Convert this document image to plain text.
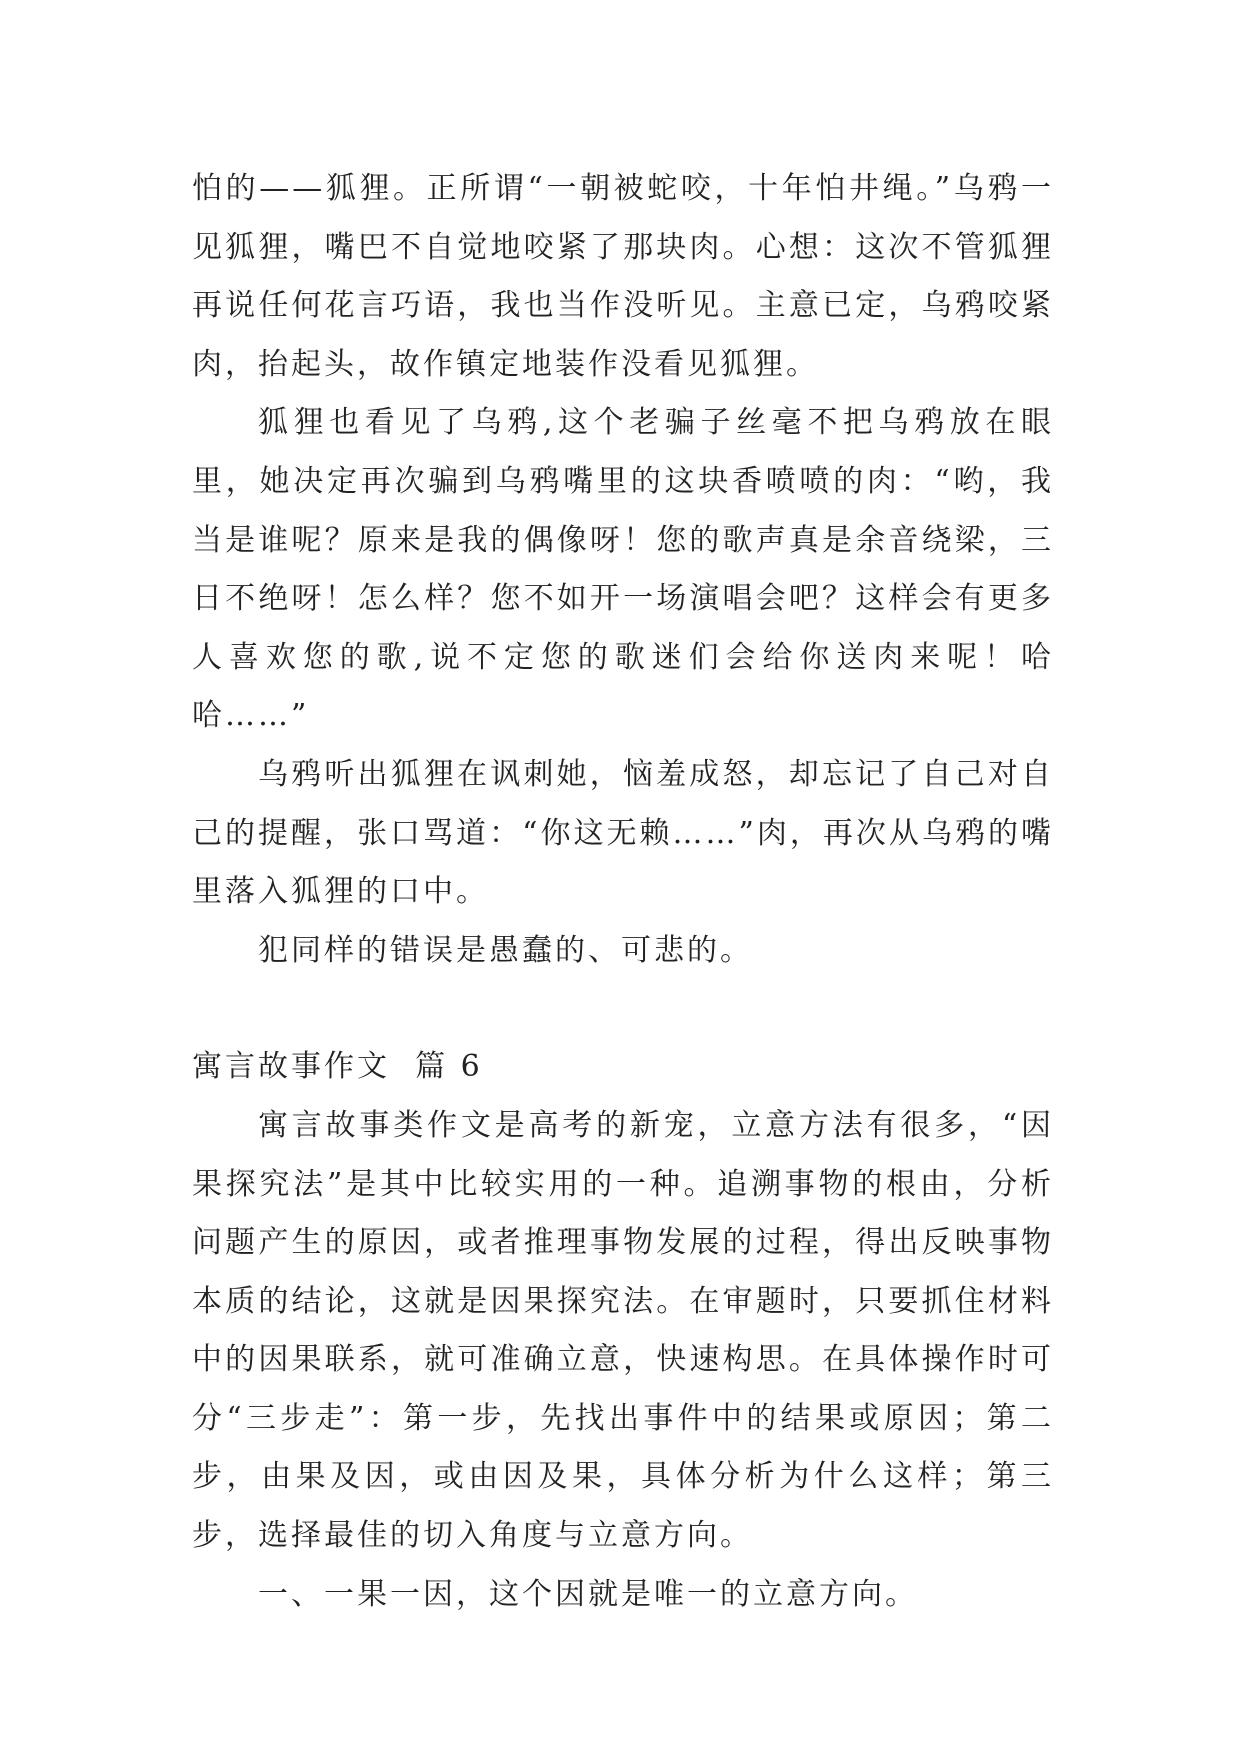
怕的——狐狸。正所谓“一朝被蛇咬，十年怕井绳。”乌鸦一见狐狸，嘴巴不自觉地咬紧了那块肉。心想：这次不管狐狸再说任何花言巧语，我也当作没听见。主意已定，乌鸦咬紧肉，抬起头，故作镇定地装作没看见狐狸。

狐狸也看见了乌鸦,这个老骗子丝毫不把乌鸦放在眼里，她决定再次骗到乌鸦嘴里的这块香喷喷的肉：“哟，我当是谁呢？原来是我的偶像呀！您的歌声真是余音绕梁，三日不绝呀！怎么样？您不如开一场演唱会吧？这样会有更多人喜欢您的歌,说不定您的歌迷们会给你送肉来呢！哈哈……”

乌鸦听出狐狸在讽刺她，恼羞成怒，却忘记了自己对自己的提醒，张口骂道：“你这无赖……”肉，再次从乌鸦的嘴里落入狐狸的口中。

犯同样的错误是愚蠢的、可悲的。

寓言故事作文  篇 6

寓言故事类作文是高考的新宠，立意方法有很多，“因果探究法”是其中比较实用的一种。追溯事物的根由，分析问题产生的原因，或者推理事物发展的过程，得出反映事物本质的结论，这就是因果探究法。在审题时，只要抓住材料中的因果联系，就可准确立意，快速构思。在具体操作时可分“三步走”：第一步，先找出事件中的结果或原因；第二步，由果及因，或由因及果，具体分析为什么这样；第三步，选择最佳的切入角度与立意方向。

一、一果一因，这个因就是唯一的立意方向。
